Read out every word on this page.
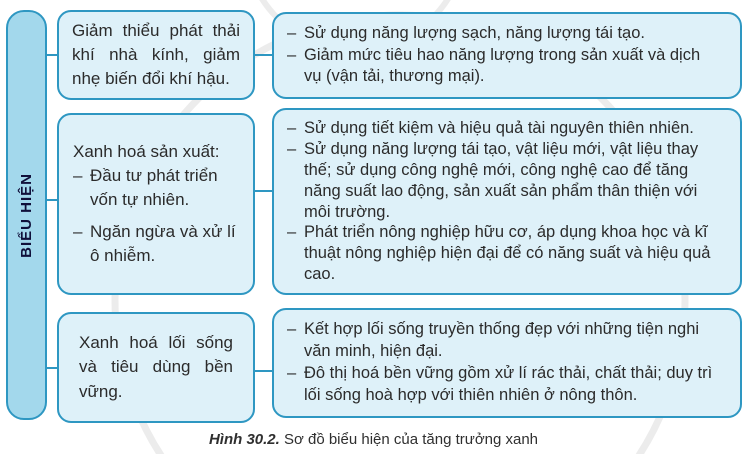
BIỂU HIỆN
Giảm thiểu phát thải khí nhà kính, giảm nhẹ biến đổi khí hậu.
– Sử dụng năng lượng sạch, năng lượng tái tạo.
– Giảm mức tiêu hao năng lượng trong sản xuất và dịch vụ (vận tải, thương mại).
Xanh hoá sản xuất:
– Đầu tư phát triển vốn tự nhiên.
– Ngăn ngừa và xử lí ô nhiễm.
– Sử dụng tiết kiệm và hiệu quả tài nguyên thiên nhiên.
– Sử dụng năng lượng tái tạo, vật liệu mới, vật liệu thay thế; sử dụng công nghệ mới, công nghệ cao để tăng năng suất lao động, sản xuất sản phẩm thân thiện với môi trường.
– Phát triển nông nghiệp hữu cơ, áp dụng khoa học và kĩ thuật nông nghiệp hiện đại để có năng suất và hiệu quả cao.
Xanh hoá lối sống và tiêu dùng bền vững.
– Kết hợp lối sống truyền thống đẹp với những tiện nghi văn minh, hiện đại.
– Đô thị hoá bền vững gồm xử lí rác thải, chất thải; duy trì lối sống hoà hợp với thiên nhiên ở nông thôn.
Hình 30.2. Sơ đồ biểu hiện của tăng trưởng xanh
